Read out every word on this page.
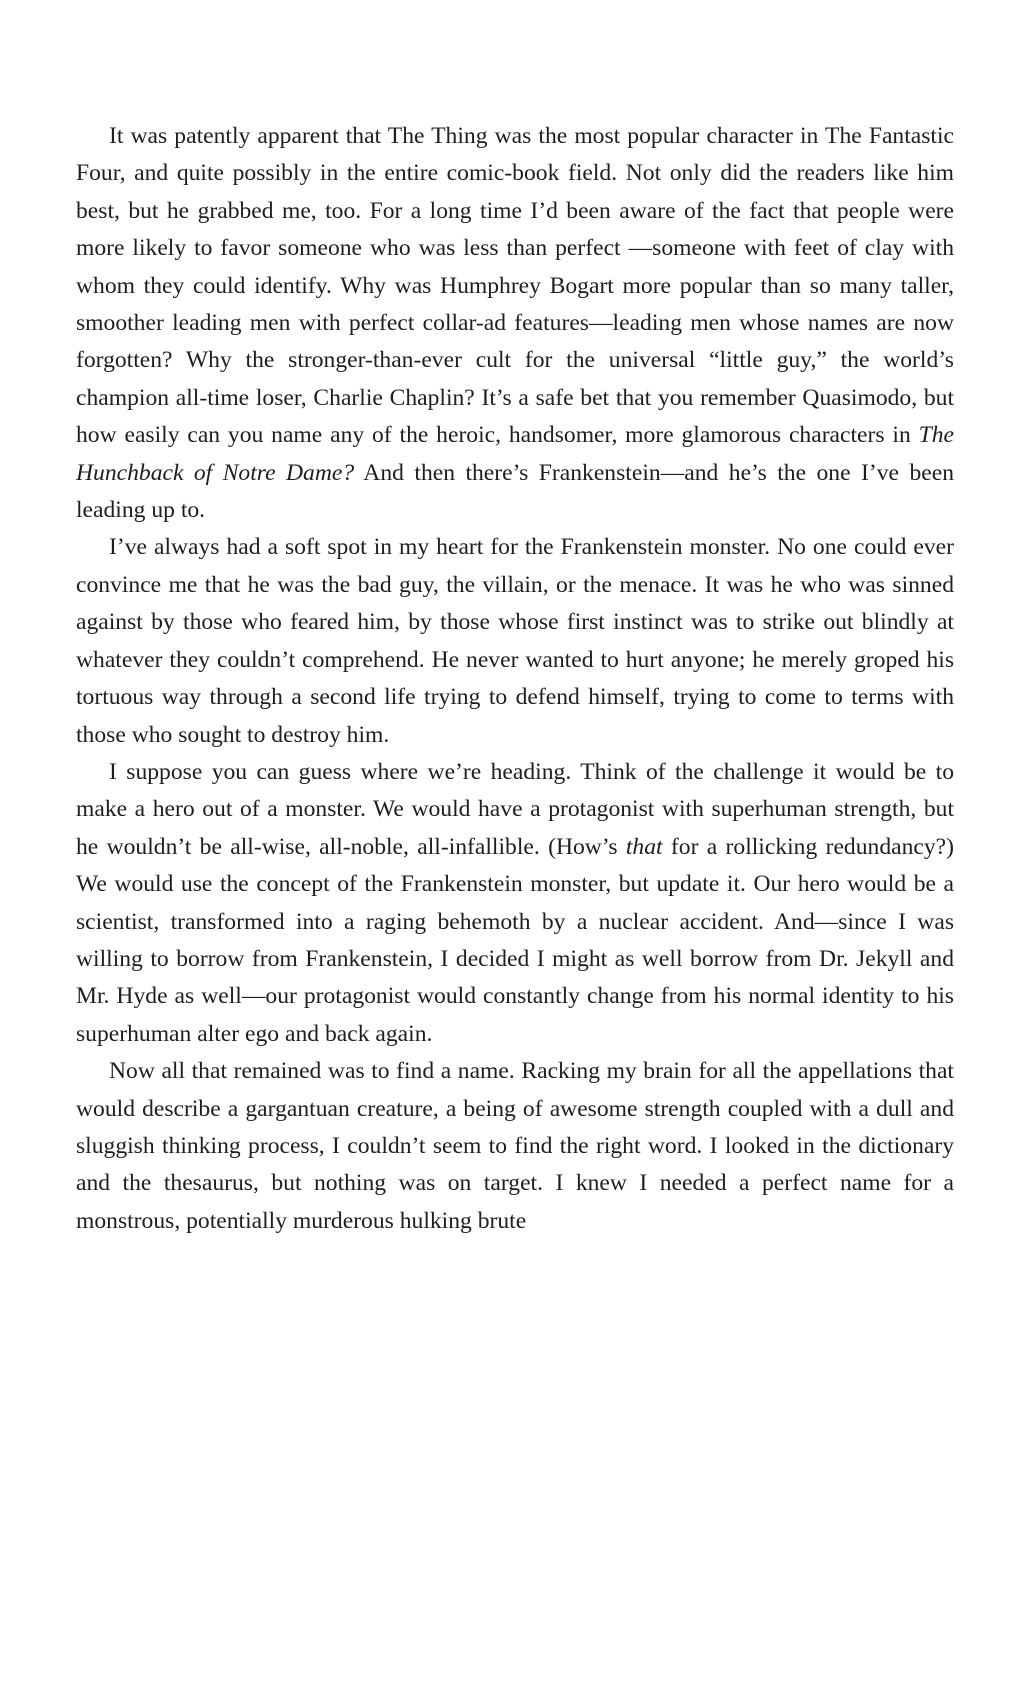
It was patently apparent that The Thing was the most popular character in The Fantastic Four, and quite possibly in the entire comic-book field. Not only did the readers like him best, but he grabbed me, too. For a long time I’d been aware of the fact that people were more likely to favor someone who was less than perfect —someone with feet of clay with whom they could identify. Why was Humphrey Bogart more popular than so many taller, smoother leading men with perfect collar-ad features—leading men whose names are now forgotten? Why the stronger-than-ever cult for the universal “little guy,” the world’s champion all-time loser, Charlie Chaplin? It’s a safe bet that you remember Quasimodo, but how easily can you name any of the heroic, handsomer, more glamorous characters in The Hunchback of Notre Dame? And then there’s Frankenstein—and he’s the one I’ve been leading up to.

I’ve always had a soft spot in my heart for the Frankenstein monster. No one could ever convince me that he was the bad guy, the villain, or the menace. It was he who was sinned against by those who feared him, by those whose first instinct was to strike out blindly at whatever they couldn’t comprehend. He never wanted to hurt anyone; he merely groped his tortuous way through a second life trying to defend himself, trying to come to terms with those who sought to destroy him.

I suppose you can guess where we’re heading. Think of the challenge it would be to make a hero out of a monster. We would have a protagonist with superhuman strength, but he wouldn’t be all-wise, all-noble, all-infallible. (How’s that for a rollicking redundancy?) We would use the concept of the Frankenstein monster, but update it. Our hero would be a scientist, transformed into a raging behemoth by a nuclear accident. And—since I was willing to borrow from Frankenstein, I decided I might as well borrow from Dr. Jekyll and Mr. Hyde as well—our protagonist would constantly change from his normal identity to his superhuman alter ego and back again.

Now all that remained was to find a name. Racking my brain for all the appellations that would describe a gargantuan creature, a being of awesome strength coupled with a dull and sluggish thinking process, I couldn’t seem to find the right word. I looked in the dictionary and the thesaurus, but nothing was on target. I knew I needed a perfect name for a monstrous, potentially murderous hulking brute
